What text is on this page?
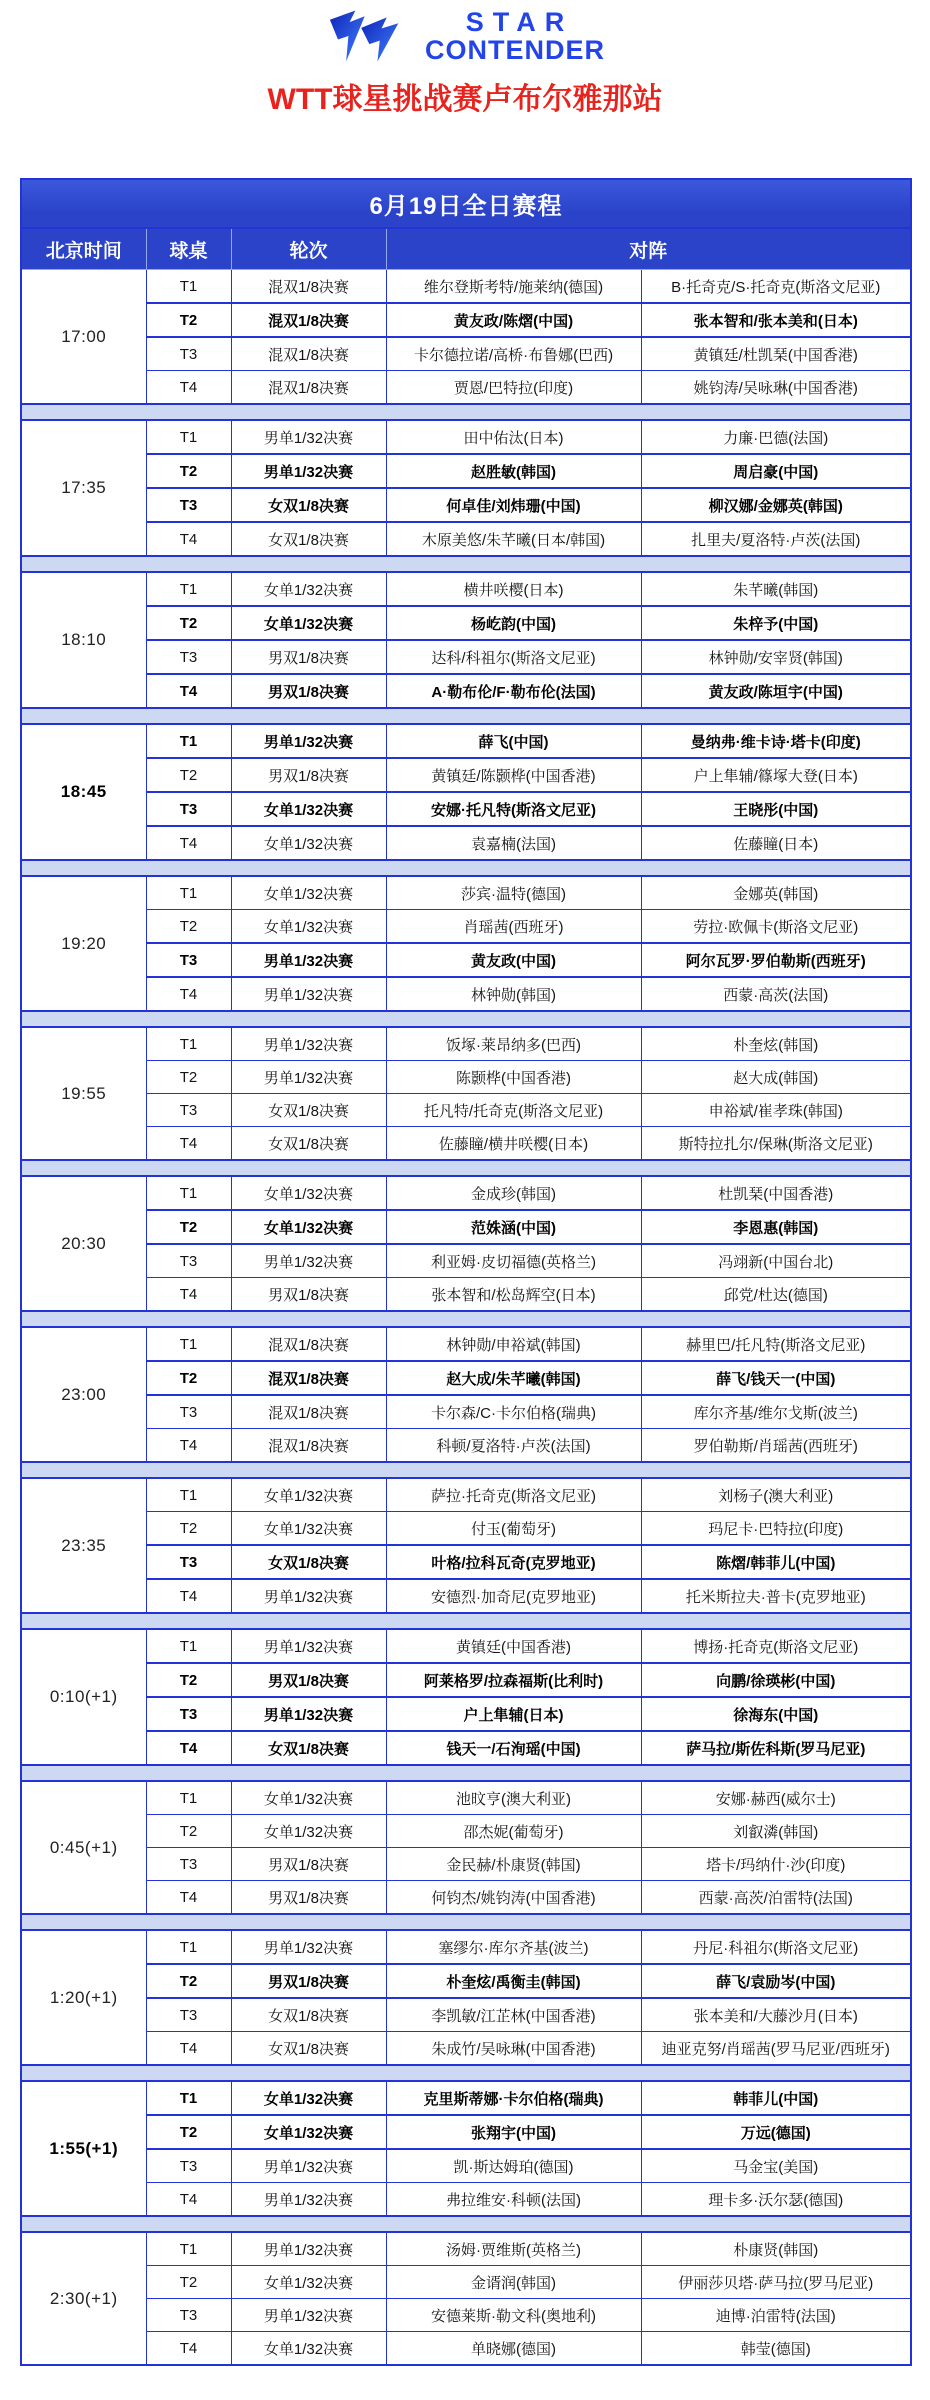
STAR
CONTENDER
WTT球星挑战赛卢布尔雅那站
6月19日全日赛程				
北京时间	球桌	轮次	对阵	
17:00	T1	混双1/8决赛	维尔登斯考特/施莱纳(德国)	B·托奇克/S·托奇克(斯洛文尼亚)
	T2	混双1/8决赛	黄友政/陈熠(中国)	张本智和/张本美和(日本)
	T3	混双1/8决赛	卡尔德拉诺/高桥·布鲁娜(巴西)	黄镇廷/杜凯琹(中国香港)
	T4	混双1/8决赛	贾恩/巴特拉(印度)	姚钧涛/吴咏琳(中国香港)

17:35	T1	男单1/32决赛	田中佑汰(日本)	力廉·巴德(法国)
	T2	男单1/32决赛	赵胜敏(韩国)	周启豪(中国)
	T3	女双1/8决赛	何卓佳/刘炜珊(中国)	柳汉娜/金娜英(韩国)
	T4	女双1/8决赛	木原美悠/朱芊曦(日本/韩国)	扎里夫/夏洛特·卢茨(法国)

18:10	T1	女单1/32决赛	横井咲樱(日本)	朱芊曦(韩国)
	T2	女单1/32决赛	杨屹韵(中国)	朱梓予(中国)
	T3	男双1/8决赛	达科/科祖尔(斯洛文尼亚)	林钟勋/安宰贤(韩国)
	T4	男双1/8决赛	A·勒布伦/F·勒布伦(法国)	黄友政/陈垣宇(中国)

18:45	T1	男单1/32决赛	薛飞(中国)	曼纳弗·维卡诗·塔卡(印度)
	T2	男双1/8决赛	黄镇廷/陈颢桦(中国香港)	户上隼辅/篠塚大登(日本)
	T3	女单1/32决赛	安娜·托凡特(斯洛文尼亚)	王晓彤(中国)
	T4	女单1/32决赛	袁嘉楠(法国)	佐藤瞳(日本)

19:20	T1	女单1/32决赛	莎宾·温特(德国)	金娜英(韩国)
	T2	女单1/32决赛	肖瑶茜(西班牙)	劳拉·欧佩卡(斯洛文尼亚)
	T3	男单1/32决赛	黄友政(中国)	阿尔瓦罗·罗伯勒斯(西班牙)
	T4	男单1/32决赛	林钟勋(韩国)	西蒙·高茨(法国)

19:55	T1	男单1/32决赛	饭塚·莱昂纳多(巴西)	朴奎炫(韩国)
	T2	男单1/32决赛	陈颢桦(中国香港)	赵大成(韩国)
	T3	女双1/8决赛	托凡特/托奇克(斯洛文尼亚)	申裕斌/崔孝珠(韩国)
	T4	女双1/8决赛	佐藤瞳/横井咲樱(日本)	斯特拉扎尔/保琳(斯洛文尼亚)

20:30	T1	女单1/32决赛	金成珍(韩国)	杜凯琹(中国香港)
	T2	女单1/32决赛	范姝涵(中国)	李恩惠(韩国)
	T3	男单1/32决赛	利亚姆·皮切福德(英格兰)	冯翊新(中国台北)
	T4	男双1/8决赛	张本智和/松岛辉空(日本)	邱党/杜达(德国)

23:00	T1	混双1/8决赛	林钟勋/申裕斌(韩国)	赫里巴/托凡特(斯洛文尼亚)
	T2	混双1/8决赛	赵大成/朱芊曦(韩国)	薛飞/钱天一(中国)
	T3	混双1/8决赛	卡尔森/C·卡尔伯格(瑞典)	库尔齐基/维尔戈斯(波兰)
	T4	混双1/8决赛	科顿/夏洛特·卢茨(法国)	罗伯勒斯/肖瑶茜(西班牙)

23:35	T1	女单1/32决赛	萨拉·托奇克(斯洛文尼亚)	刘杨子(澳大利亚)
	T2	女单1/32决赛	付玉(葡萄牙)	玛尼卡·巴特拉(印度)
	T3	女双1/8决赛	叶格/拉科瓦奇(克罗地亚)	陈熠/韩菲儿(中国)
	T4	男单1/32决赛	安德烈·加奇尼(克罗地亚)	托米斯拉夫·普卡(克罗地亚)

0:10(+1)	T1	男单1/32决赛	黄镇廷(中国香港)	博扬·托奇克(斯洛文尼亚)
	T2	男双1/8决赛	阿莱格罗/拉森福斯(比利时)	向鹏/徐瑛彬(中国)
	T3	男单1/32决赛	户上隼辅(日本)	徐海东(中国)
	T4	女双1/8决赛	钱天一/石洵瑶(中国)	萨马拉/斯佐科斯(罗马尼亚)

0:45(+1)	T1	女单1/32决赛	池旼亨(澳大利亚)	安娜·赫西(威尔士)
	T2	女单1/32决赛	邵杰妮(葡萄牙)	刘叡潾(韩国)
	T3	男双1/8决赛	金民赫/朴康贤(韩国)	塔卡/玛纳什·沙(印度)
	T4	男双1/8决赛	何钧杰/姚钧涛(中国香港)	西蒙·高茨/泊雷特(法国)

1:20(+1)	T1	男单1/32决赛	塞缪尔·库尔齐基(波兰)	丹尼·科祖尔(斯洛文尼亚)
	T2	男双1/8决赛	朴奎炫/禹衡圭(韩国)	薛飞/袁励岑(中国)
	T3	女双1/8决赛	李凯敏/江芷林(中国香港)	张本美和/大藤沙月(日本)
	T4	女双1/8决赛	朱成竹/吴咏琳(中国香港)	迪亚克努/肖瑶茜(罗马尼亚/西班牙)

1:55(+1)	T1	女单1/32决赛	克里斯蒂娜·卡尔伯格(瑞典)	韩菲儿(中国)
	T2	女单1/32决赛	张翔宇(中国)	万远(德国)
	T3	男单1/32决赛	凯·斯达姆珀(德国)	马金宝(美国)
	T4	男单1/32决赛	弗拉维安·科顿(法国)	理卡多·沃尔瑟(德国)

2:30(+1)	T1	男单1/32决赛	汤姆·贾维斯(英格兰)	朴康贤(韩国)
	T2	女单1/32决赛	金谞润(韩国)	伊丽莎贝塔·萨马拉(罗马尼亚)
	T3	男单1/32决赛	安德莱斯·勒文科(奥地利)	迪博·泊雷特(法国)
	T4	女单1/32决赛	单晓娜(德国)	韩莹(德国)
